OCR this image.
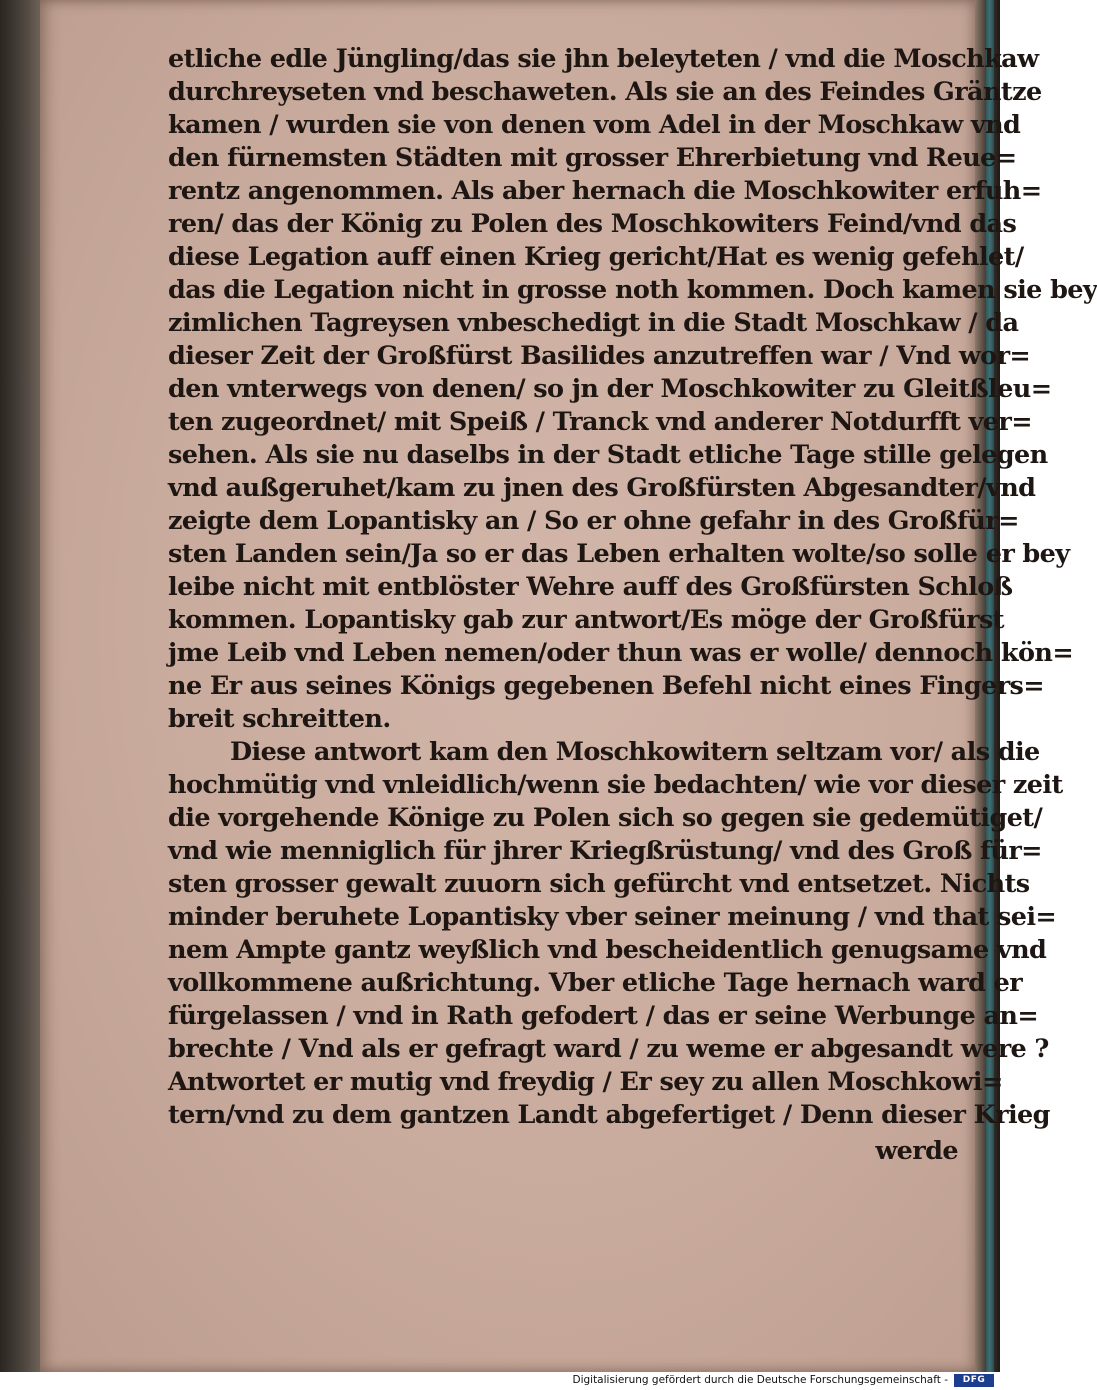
etliche edle Jüngling/das sie jhn beleyteten / vnd die Moschkaw
durchreyseten vnd beschaweten. Als sie an des Feindes Gräntze
kamen / wurden sie von denen vom Adel in der Moschkaw vnd
den fürnemsten Städten mit grosser Ehrerbietung vnd Reue=
rentz angenommen. Als aber hernach die Moschkowiter erfuh=
ren/ das der König zu Polen des Moschkowiters Feind/vnd das
diese Legation auff einen Krieg gericht/Hat es wenig gefehlet/
das die Legation nicht in grosse noth kommen. Doch kamen sie bey
zimlichen Tagreysen vnbeschedigt in die Stadt Moschkaw / da
dieser Zeit der Großfürst Basilides anzutreffen war / Vnd wor=
den vnterwegs von denen/ so jn der Moschkowiter zu Gleitßleu=
ten zugeordnet/ mit Speiß / Tranck vnd anderer Notdurfft ver=
sehen. Als sie nu daselbs in der Stadt etliche Tage stille gelegen
vnd außgeruhet/kam zu jnen des Großfürsten Abgesandter/vnd
zeigte dem Lopantisky an / So er ohne gefahr in des Großfür=
sten Landen sein/Ja so er das Leben erhalten wolte/so solle er bey
leibe nicht mit entblöster Wehre auff des Großfürsten Schloß
kommen. Lopantisky gab zur antwort/Es möge der Großfürst
jme Leib vnd Leben nemen/oder thun was er wolle/ dennoch kön=
ne Er aus seines Königs gegebenen Befehl nicht eines Fingers=
breit schreitten.
Diese antwort kam den Moschkowitern seltzam vor/ als die
hochmütig vnd vnleidlich/wenn sie bedachten/ wie vor dieser zeit
die vorgehende Könige zu Polen sich so gegen sie gedemütiget/
vnd wie menniglich für jhrer Kriegßrüstung/ vnd des Groß für=
sten grosser gewalt zuuorn sich gefürcht vnd entsetzet. Nichts
minder beruhete Lopantisky vber seiner meinung / vnd that sei=
nem Ampte gantz weyßlich vnd bescheidentlich genugsame vnd
vollkommene außrichtung. Vber etliche Tage hernach ward er
fürgelassen / vnd in Rath gefodert / das er seine Werbunge an=
brechte / Vnd als er gefragt ward / zu weme er abgesandt were ?
Antwortet er mutig vnd freydig / Er sey zu allen Moschkowi=
tern/vnd zu dem gantzen Landt abgefertiget / Denn dieser Krieg
werde
Digitalisierung gefördert durch die Deutsche Forschungsgemeinschaft -	DFG
